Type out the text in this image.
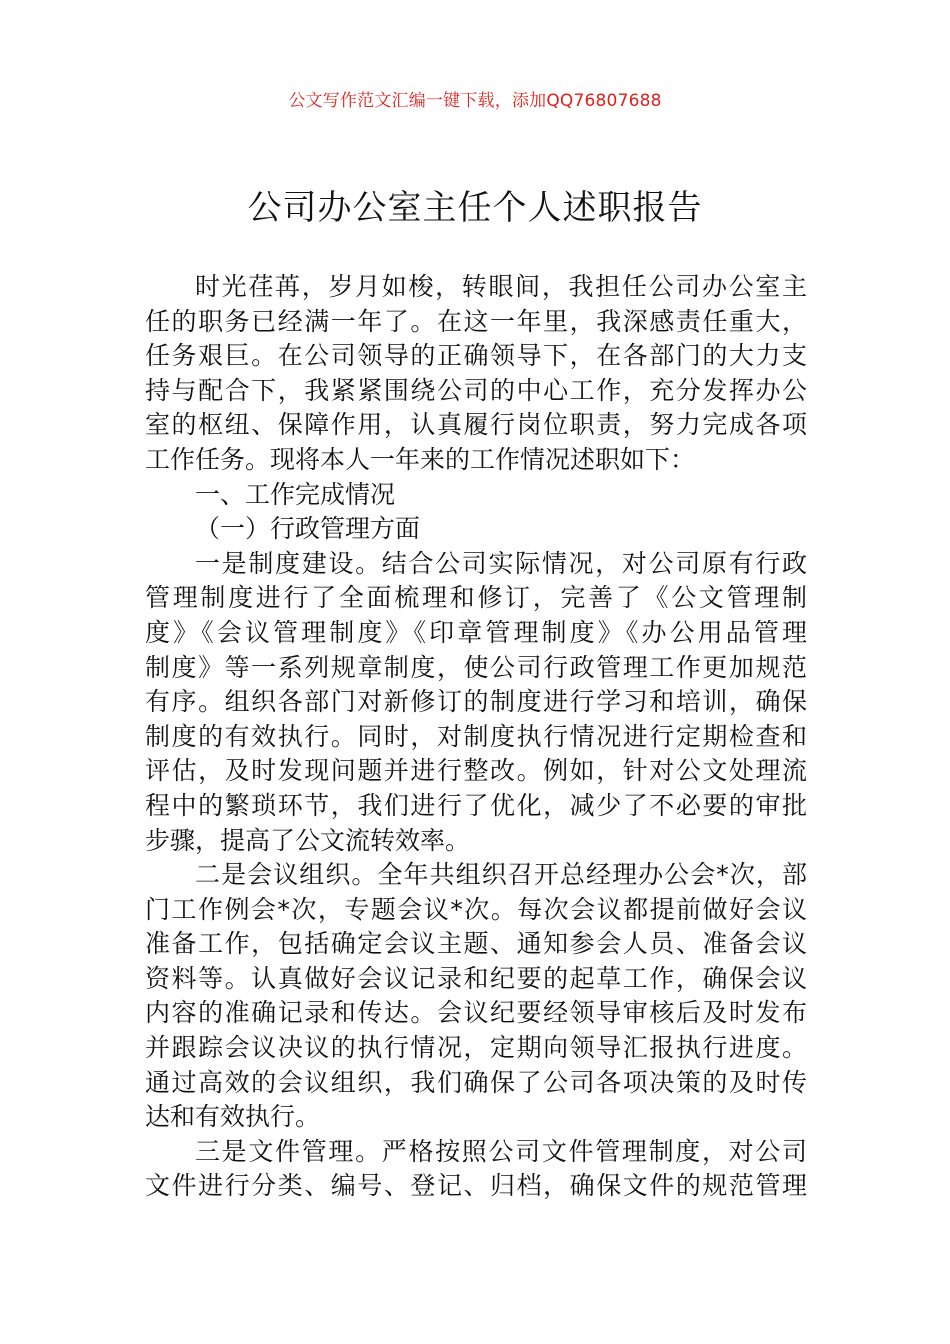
公文写作范文汇编一键下载，添加QQ76807688
公司办公室主任个人述职报告
时光荏苒，岁月如梭，转眼间，我担任公司办公室主
任的职务已经满一年了。在这一年里，我深感责任重大，
任务艰巨。在公司领导的正确领导下，在各部门的大力支
持与配合下，我紧紧围绕公司的中心工作，充分发挥办公
室的枢纽、保障作用，认真履行岗位职责，努力完成各项
工作任务。现将本人一年来的工作情况述职如下：
一、工作完成情况
（一）行政管理方面
一是制度建设。结合公司实际情况，对公司原有行政
管理制度进行了全面梳理和修订，完善了《公文管理制
度》《会议管理制度》《印章管理制度》《办公用品管理
制度》等一系列规章制度，使公司行政管理工作更加规范
有序。组织各部门对新修订的制度进行学习和培训，确保
制度的有效执行。同时，对制度执行情况进行定期检查和
评估，及时发现问题并进行整改。例如，针对公文处理流
程中的繁琐环节，我们进行了优化，减少了不必要的审批
步骤，提高了公文流转效率。
二是会议组织。全年共组织召开总经理办公会*次，部
门工作例会*次，专题会议*次。每次会议都提前做好会议
准备工作，包括确定会议主题、通知参会人员、准备会议
资料等。认真做好会议记录和纪要的起草工作，确保会议
内容的准确记录和传达。会议纪要经领导审核后及时发布
并跟踪会议决议的执行情况，定期向领导汇报执行进度。
通过高效的会议组织，我们确保了公司各项决策的及时传
达和有效执行。
三是文件管理。严格按照公司文件管理制度，对公司
文件进行分类、编号、登记、归档，确保文件的规范管理
